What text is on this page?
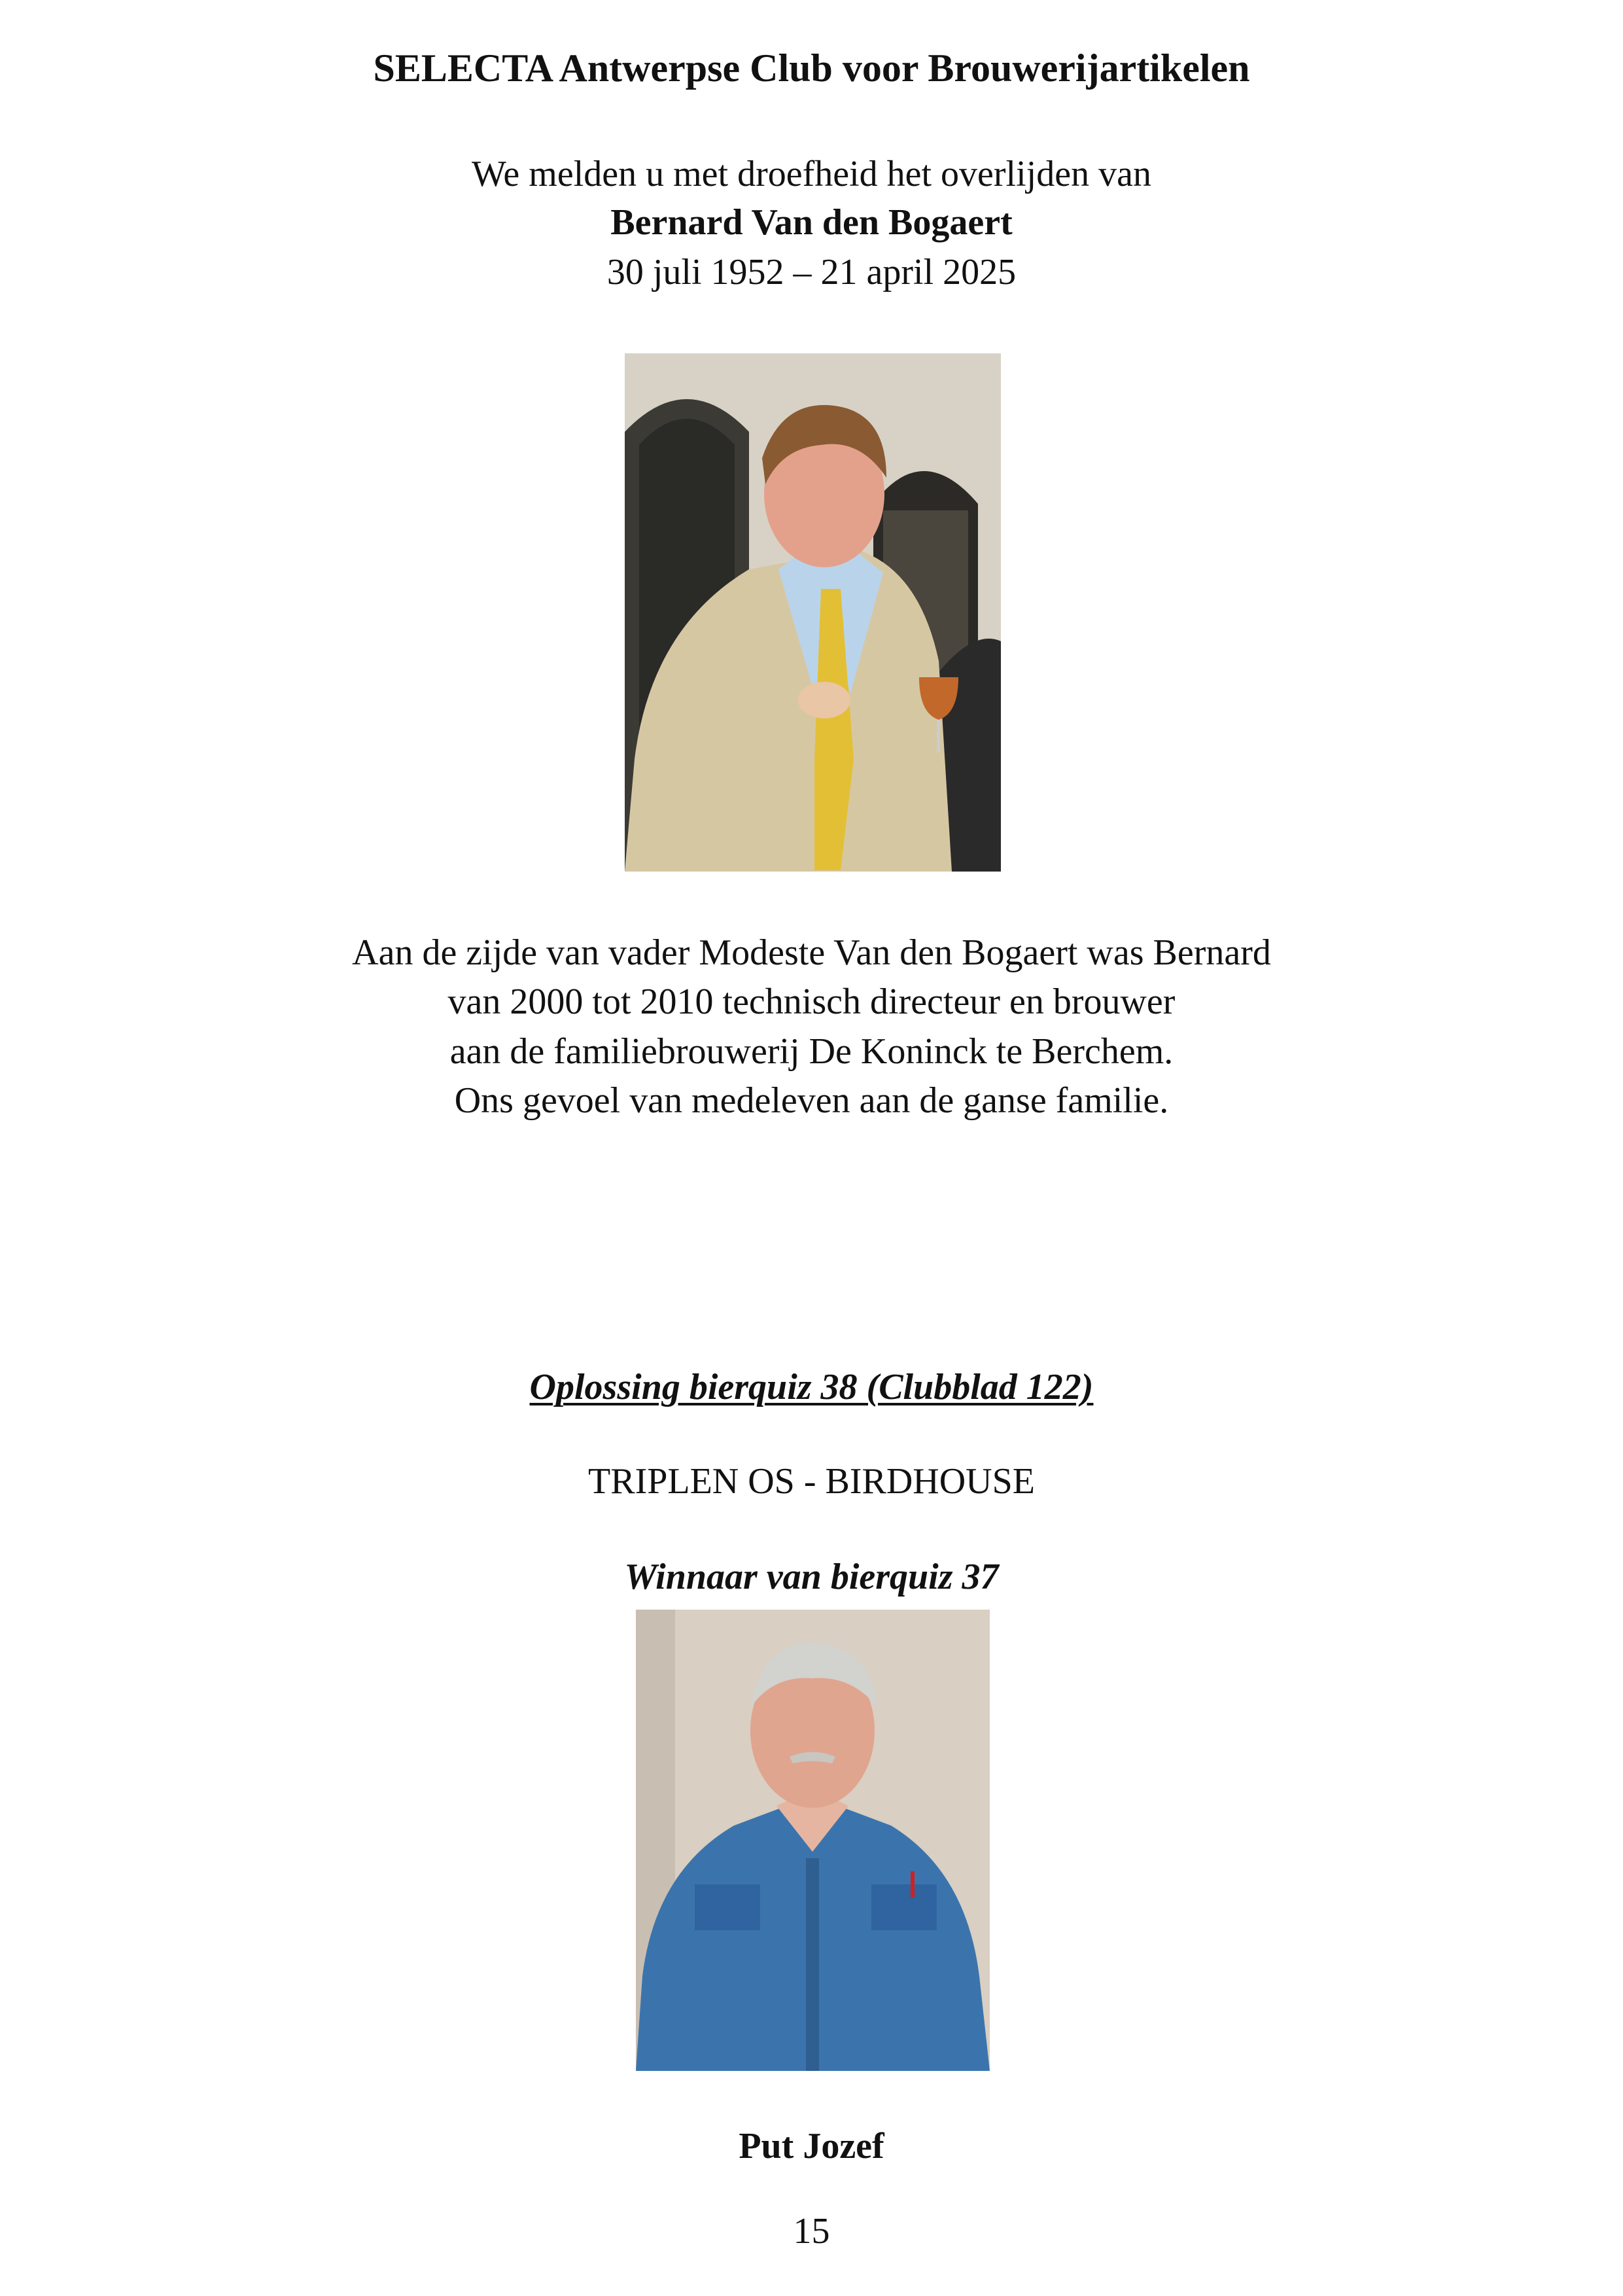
SELECTA Antwerpse Club voor Brouwerijartikelen
We melden u met droefheid het overlijden van
Bernard Van den Bogaert
30 juli 1952 – 21 april 2025
Aan de zijde van vader Modeste Van den Bogaert was Bernard
van 2000 tot 2010 technisch directeur en brouwer
aan de familiebrouwerij De Koninck te Berchem.
Ons gevoel van medeleven aan de ganse familie.
Oplossing bierquiz 38 (Clubblad 122)
TRIPLEN OS - BIRDHOUSE
Winnaar van bierquiz 37
Put Jozef
15
